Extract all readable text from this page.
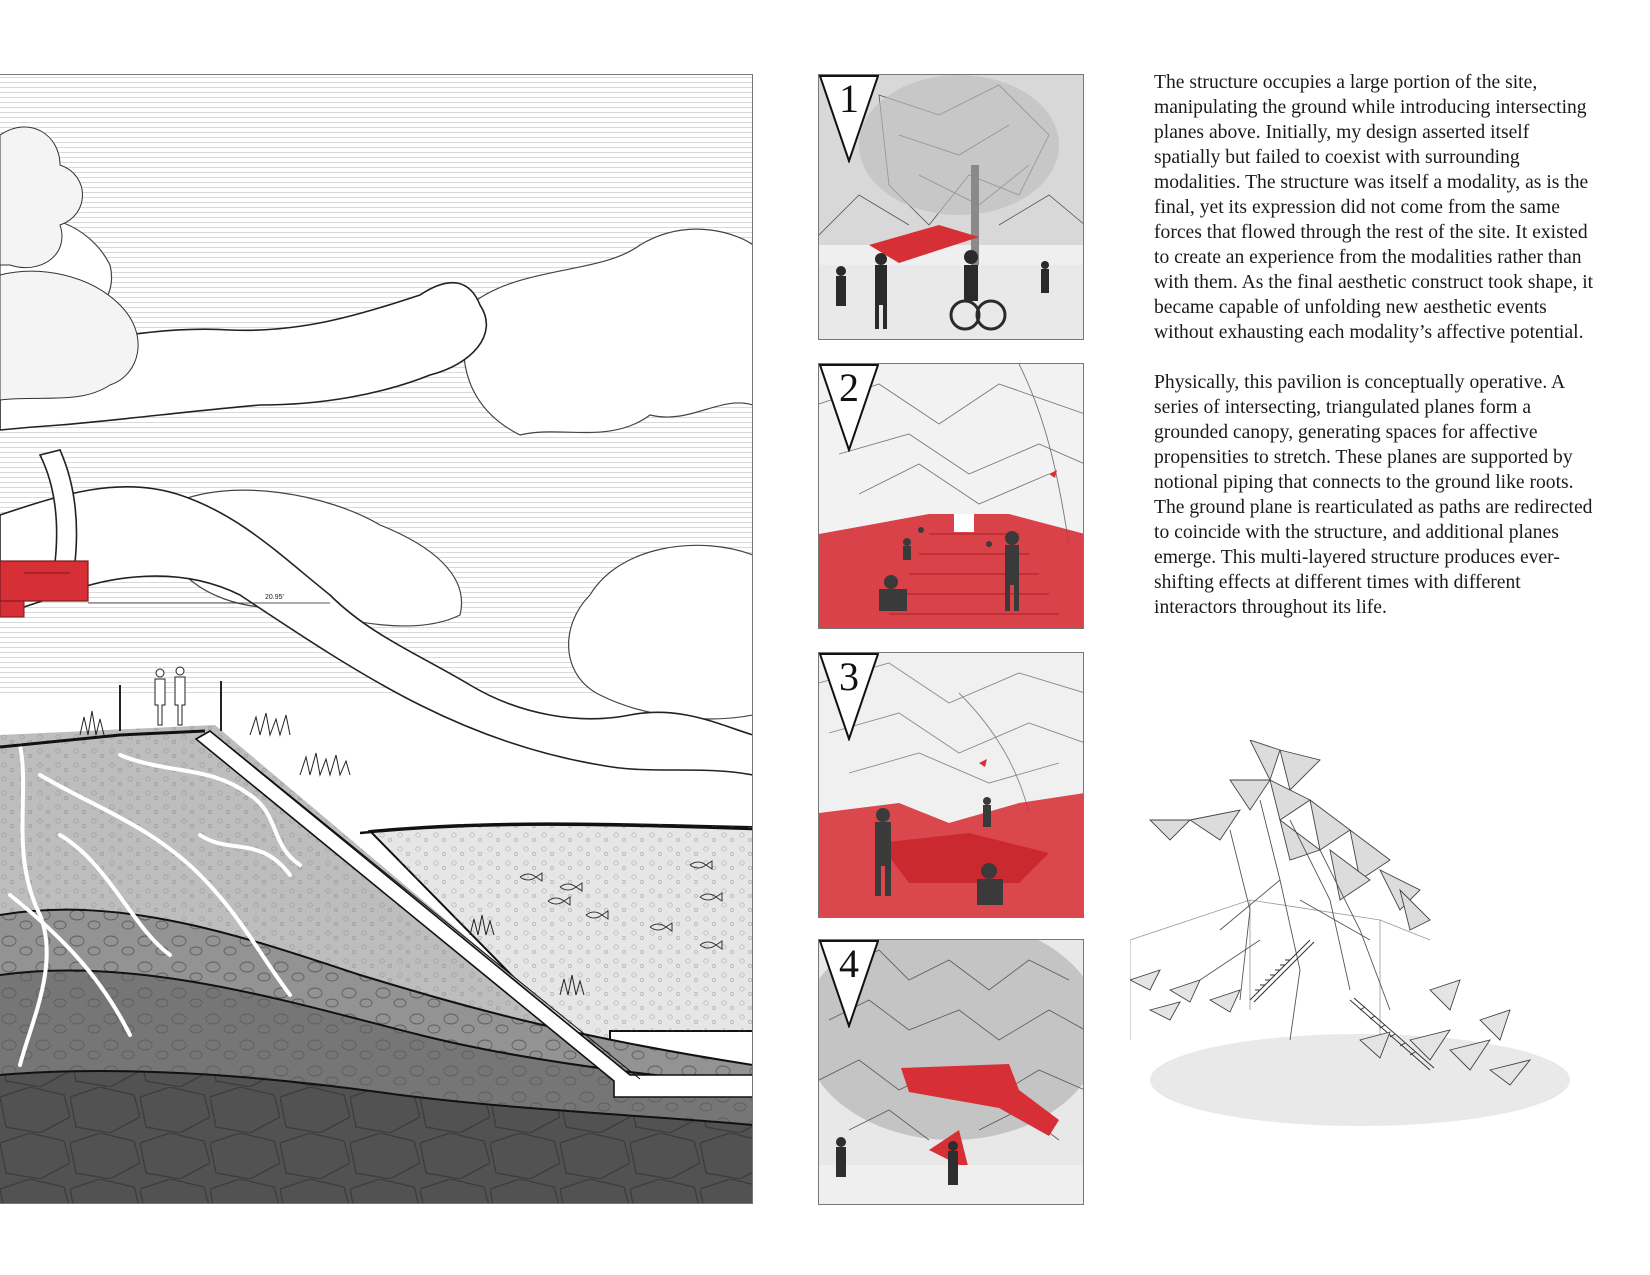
20.95'
1
2
3
4

The structure occupies a large portion of the site, manipulating the ground while introducing intersecting planes above. Initially, my design asserted itself spatially but failed to coexist with surrounding modalities. The structure was itself a modality, as is the final, yet its expression did not come from the same forces that flowed through the rest of the site. It existed to create an experience from the modalities rather than with them. As the final aesthetic construct took shape, it became capable of unfolding new aesthetic events without exhausting each modality’s affective potential.

Physically, this pavilion is conceptually operative. A series of intersecting, triangulated planes form a grounded canopy, generating spaces for affective propensities to stretch. These planes are supported by notional piping that connects to the ground like roots. The ground plane is rearticulated as paths are redirected to coincide with the structure, and additional planes emerge. This multi-layered structure produces ever-shifting effects at different times with different interactors throughout its life.
